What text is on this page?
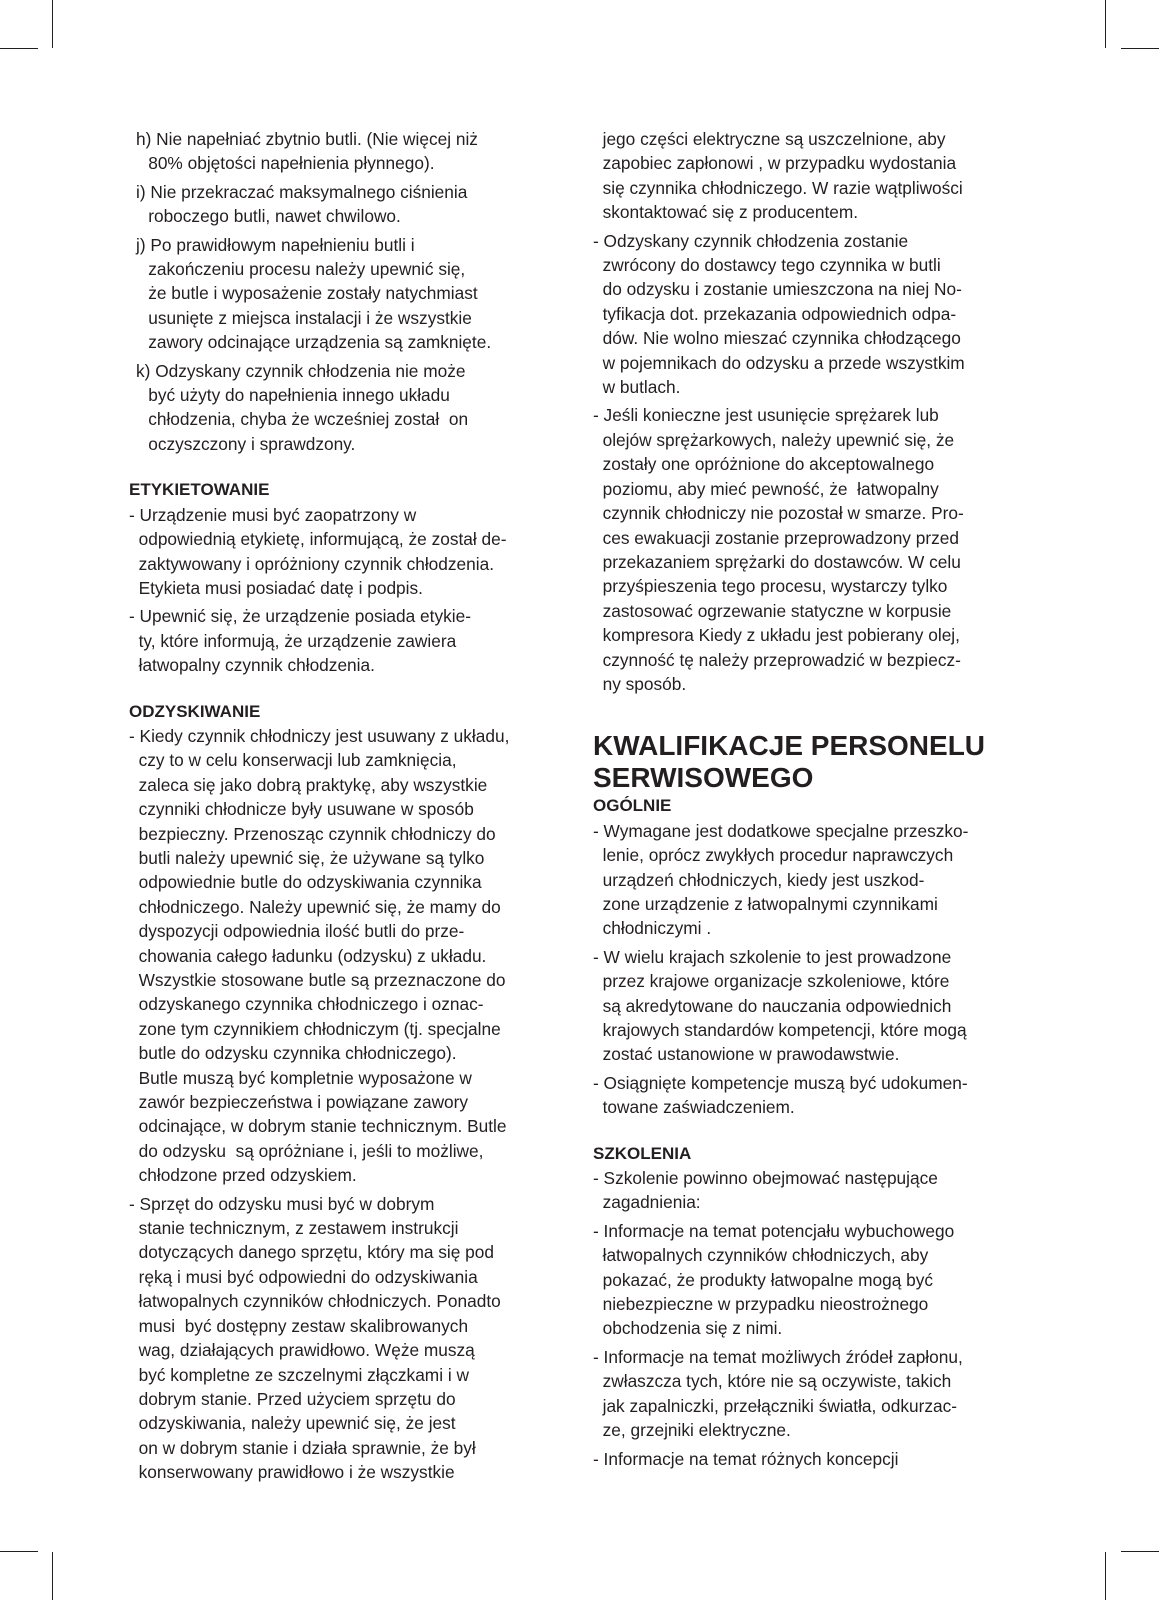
h) Nie napełniać zbytnio butli. (Nie więcej niż
80% objętości napełnienia płynnego).
i) Nie przekraczać maksymalnego ciśnienia
roboczego butli, nawet chwilowo.
j) Po prawidłowym napełnieniu butli i
zakończeniu procesu należy upewnić się,
że butle i wyposażenie zostały natychmiast
usunięte z miejsca instalacji i że wszystkie
zawory odcinające urządzenia są zamknięte.
k) Odzyskany czynnik chłodzenia nie może
być użyty do napełnienia innego układu
chłodzenia, chyba że wcześniej został  on
oczyszczony i sprawdzony.
ETYKIETOWANIE
- Urządzenie musi być zaopatrzony w
odpowiednią etykietę, informującą, że został de-
zaktywowany i opróżniony czynnik chłodzenia.
Etykieta musi posiadać datę i podpis.
- Upewnić się, że urządzenie posiada etykie-
ty, które informują, że urządzenie zawiera
łatwopalny czynnik chłodzenia.
ODZYSKIWANIE
- Kiedy czynnik chłodniczy jest usuwany z układu,
czy to w celu konserwacji lub zamknięcia,
zaleca się jako dobrą praktykę, aby wszystkie
czynniki chłodnicze były usuwane w sposób
bezpieczny. Przenosząc czynnik chłodniczy do
butli należy upewnić się, że używane są tylko
odpowiednie butle do odzyskiwania czynnika
chłodniczego. Należy upewnić się, że mamy do
dyspozycji odpowiednia ilość butli do prze-
chowania całego ładunku (odzysku) z układu.
Wszystkie stosowane butle są przeznaczone do
odzyskanego czynnika chłodniczego i oznac-
zone tym czynnikiem chłodniczym (tj. specjalne
butle do odzysku czynnika chłodniczego).
Butle muszą być kompletnie wyposażone w
zawór bezpieczeństwa i powiązane zawory
odcinające, w dobrym stanie technicznym. Butle
do odzysku  są opróżniane i, jeśli to możliwe,
chłodzone przed odzyskiem.
- Sprzęt do odzysku musi być w dobrym
stanie technicznym, z zestawem instrukcji
dotyczących danego sprzętu, który ma się pod
ręką i musi być odpowiedni do odzyskiwania
łatwopalnych czynników chłodniczych. Ponadto
musi  być dostępny zestaw skalibrowanych
wag, działających prawidłowo. Węże muszą
być kompletne ze szczelnymi złączkami i w
dobrym stanie. Przed użyciem sprzętu do
odzyskiwania, należy upewnić się, że jest
on w dobrym stanie i działa sprawnie, że był
konserwowany prawidłowo i że wszystkie
jego części elektryczne są uszczelnione, aby
zapobiec zapłonowi , w przypadku wydostania
się czynnika chłodniczego. W razie wątpliwości
skontaktować się z producentem.
- Odzyskany czynnik chłodzenia zostanie
zwrócony do dostawcy tego czynnika w butli
do odzysku i zostanie umieszczona na niej No-
tyfikacja dot. przekazania odpowiednich odpa-
dów. Nie wolno mieszać czynnika chłodzącego
w pojemnikach do odzysku a przede wszystkim
w butlach.
- Jeśli konieczne jest usunięcie sprężarek lub
olejów sprężarkowych, należy upewnić się, że
zostały one opróżnione do akceptowalnego
poziomu, aby mieć pewność, że  łatwopalny
czynnik chłodniczy nie pozostał w smarze. Pro-
ces ewakuacji zostanie przeprowadzony przed
przekazaniem sprężarki do dostawców. W celu
przyśpieszenia tego procesu, wystarczy tylko
zastosować ogrzewanie statyczne w korpusie
kompresora Kiedy z układu jest pobierany olej,
czynność tę należy przeprowadzić w bezpiecz-
ny sposób.
KWALIFIKACJE PERSONELU
SERWISOWEGO
OGÓLNIE
- Wymagane jest dodatkowe specjalne przeszko-
lenie, oprócz zwykłych procedur naprawczych
urządzeń chłodniczych, kiedy jest uszkod-
zone urządzenie z łatwopalnymi czynnikami
chłodniczymi .
- W wielu krajach szkolenie to jest prowadzone
przez krajowe organizacje szkoleniowe, które
są akredytowane do nauczania odpowiednich
krajowych standardów kompetencji, które mogą
zostać ustanowione w prawodawstwie.
- Osiągnięte kompetencje muszą być udokumen-
towane zaświadczeniem.
SZKOLENIA
- Szkolenie powinno obejmować następujące
zagadnienia:
- Informacje na temat potencjału wybuchowego
łatwopalnych czynników chłodniczych, aby
pokazać, że produkty łatwopalne mogą być
niebezpieczne w przypadku nieostrożnego
obchodzenia się z nimi.
- Informacje na temat możliwych źródeł zapłonu,
zwłaszcza tych, które nie są oczywiste, takich
jak zapalniczki, przełączniki światła, odkurzac-
ze, grzejniki elektryczne.
- Informacje na temat różnych koncepcji
